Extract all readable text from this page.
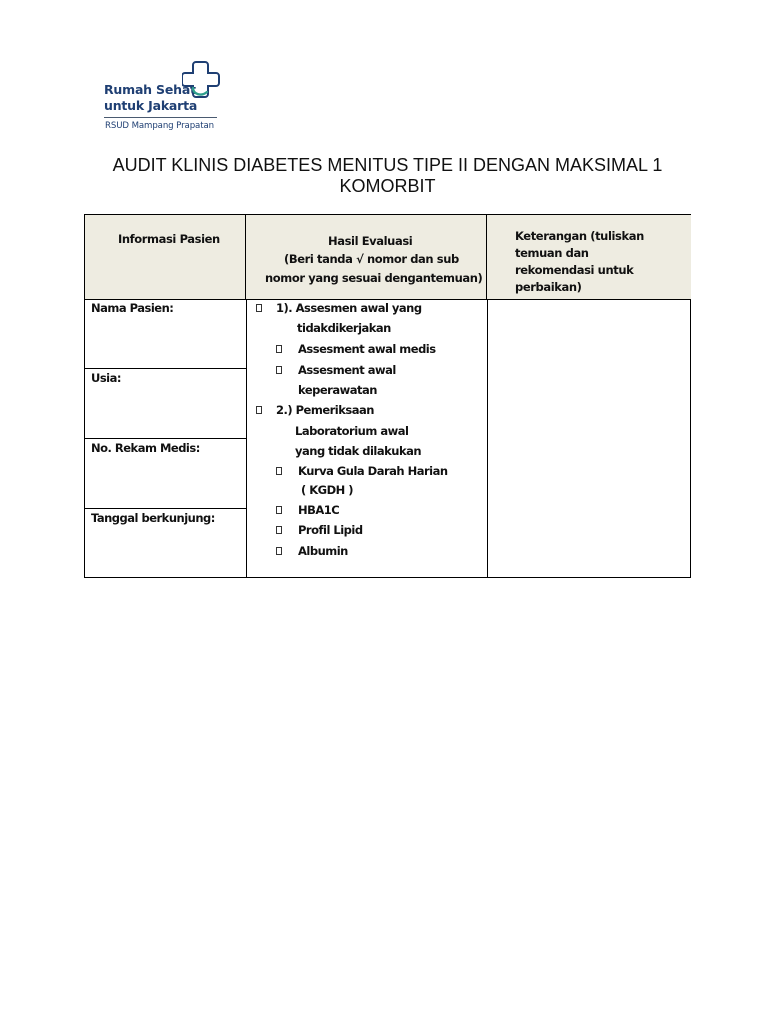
Rumah Sehat
untuk Jakarta
RSUD Mampang Prapatan
AUDIT KLINIS DIABETES MENITUS TIPE II DENGAN MAKSIMAL 1 KOMORBIT
Informasi Pasien	Hasil Evaluasi
(Beri tanda √ nomor dan sub
nomor yang sesuai dengantemuan)
Keterangan (tuliskan
temuan dan
rekomendasi untuk
perbaikan)
Nama Pasien:
Usia:
No. Rekam Medis:
Tanggal berkunjung:
1). Assesmen awal yang
tidakdikerjakan
Assesment awal medis
Assesment awal
keperawatan
2.) Pemeriksaan
Laboratorium awal
yang tidak dilakukan
Kurva Gula Darah Harian
( KGDH )
HBA1C
Profil Lipid
Albumin
